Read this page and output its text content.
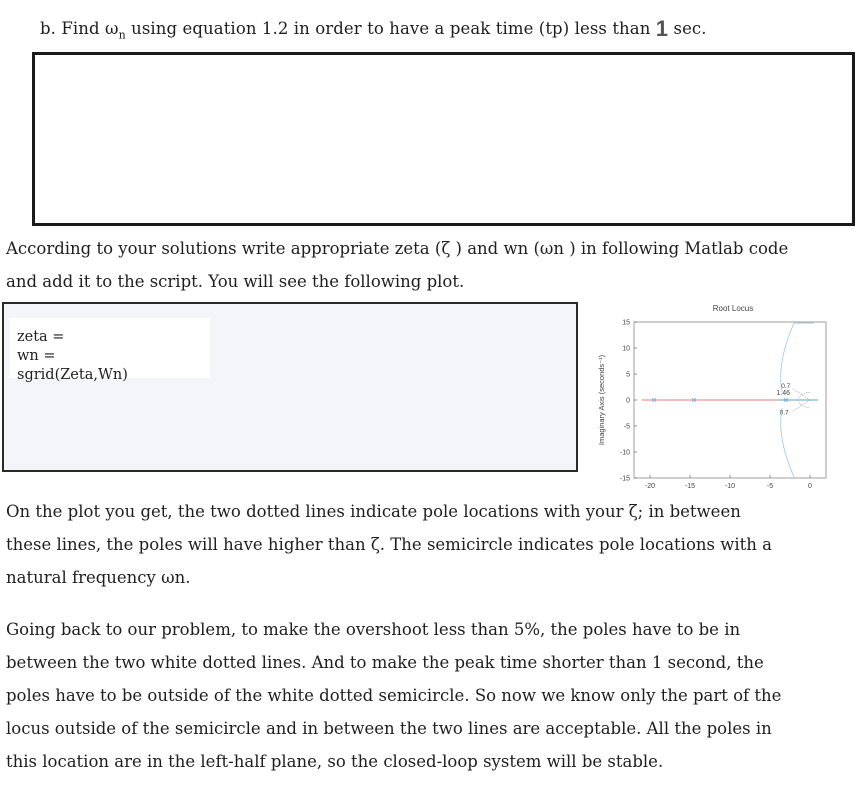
b. Find $\omega_n$ using equation 1.2 in order to have a peak time (tp) less than 1 sec.
According to your solutions write appropriate zeta (ζ ) and wn (ωn ) in following Matlab code
and add it to the script. You will see the following plot.
zeta =
wn =
sgrid(Zeta,Wn)
Root Locus
Imaginary Axis (seconds⁻¹)	0.7
1.46
0.7
15
10
5
0
-5
-10
-15
-20	-15	-10	-5	0
On the plot you get, the two dotted lines indicate pole locations with your ζ; in between
these lines, the poles will have higher than ζ. The semicircle indicates pole locations with a
natural frequency ωn.
Going back to our problem, to make the overshoot less than 5%, the poles have to be in
between the two white dotted lines. And to make the peak time shorter than 1 second, the
poles have to be outside of the white dotted semicircle. So now we know only the part of the
locus outside of the semicircle and in between the two lines are acceptable. All the poles in
this location are in the left-half plane, so the closed-loop system will be stable.
